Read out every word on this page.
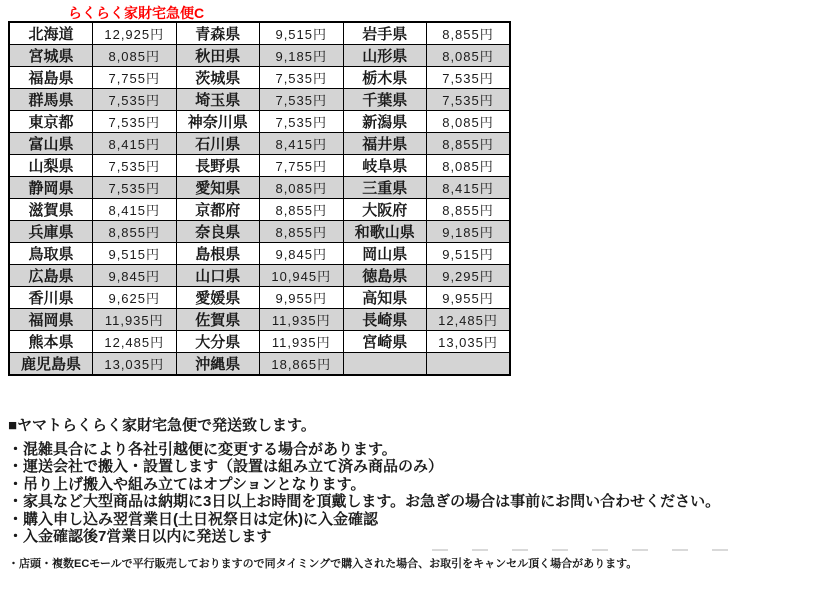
らくらく家財宅急便C
北海道	12,925円	青森県	9,515円	岩手県	8,855円
宮城県	8,085円	秋田県	9,185円	山形県	8,085円
福島県	7,755円	茨城県	7,535円	栃木県	7,535円
群馬県	7,535円	埼玉県	7,535円	千葉県	7,535円
東京都	7,535円	神奈川県	7,535円	新潟県	8,085円
富山県	8,415円	石川県	8,415円	福井県	8,855円
山梨県	7,535円	長野県	7,755円	岐阜県	8,085円
静岡県	7,535円	愛知県	8,085円	三重県	8,415円
滋賀県	8,415円	京都府	8,855円	大阪府	8,855円
兵庫県	8,855円	奈良県	8,855円	和歌山県	9,185円
鳥取県	9,515円	島根県	9,845円	岡山県	9,515円
広島県	9,845円	山口県	10,945円	徳島県	9,295円
香川県	9,625円	愛媛県	9,955円	高知県	9,955円
福岡県	11,935円	佐賀県	11,935円	長崎県	12,485円
熊本県	12,485円	大分県	11,935円	宮崎県	13,035円
鹿児島県	13,035円	沖縄県	18,865円		
■ヤマトらくらく家財宅急便で発送致します。
・混雑具合により各社引越便に変更する場合があります。
・運送会社で搬入・設置します（設置は組み立て済み商品のみ）
・吊り上げ搬入や組み立てはオプションとなります。
・家具など大型商品は納期に3日以上お時間を頂戴します。お急ぎの場合は事前にお問い合わせください。
・購入申し込み翌営業日(土日祝祭日は定休)に入金確認
・入金確認後7営業日以内に発送します
・店頭・複数ECモールで平行販売しておりますので同タイミングで購入された場合、お取引をキャンセル頂く場合があります。
